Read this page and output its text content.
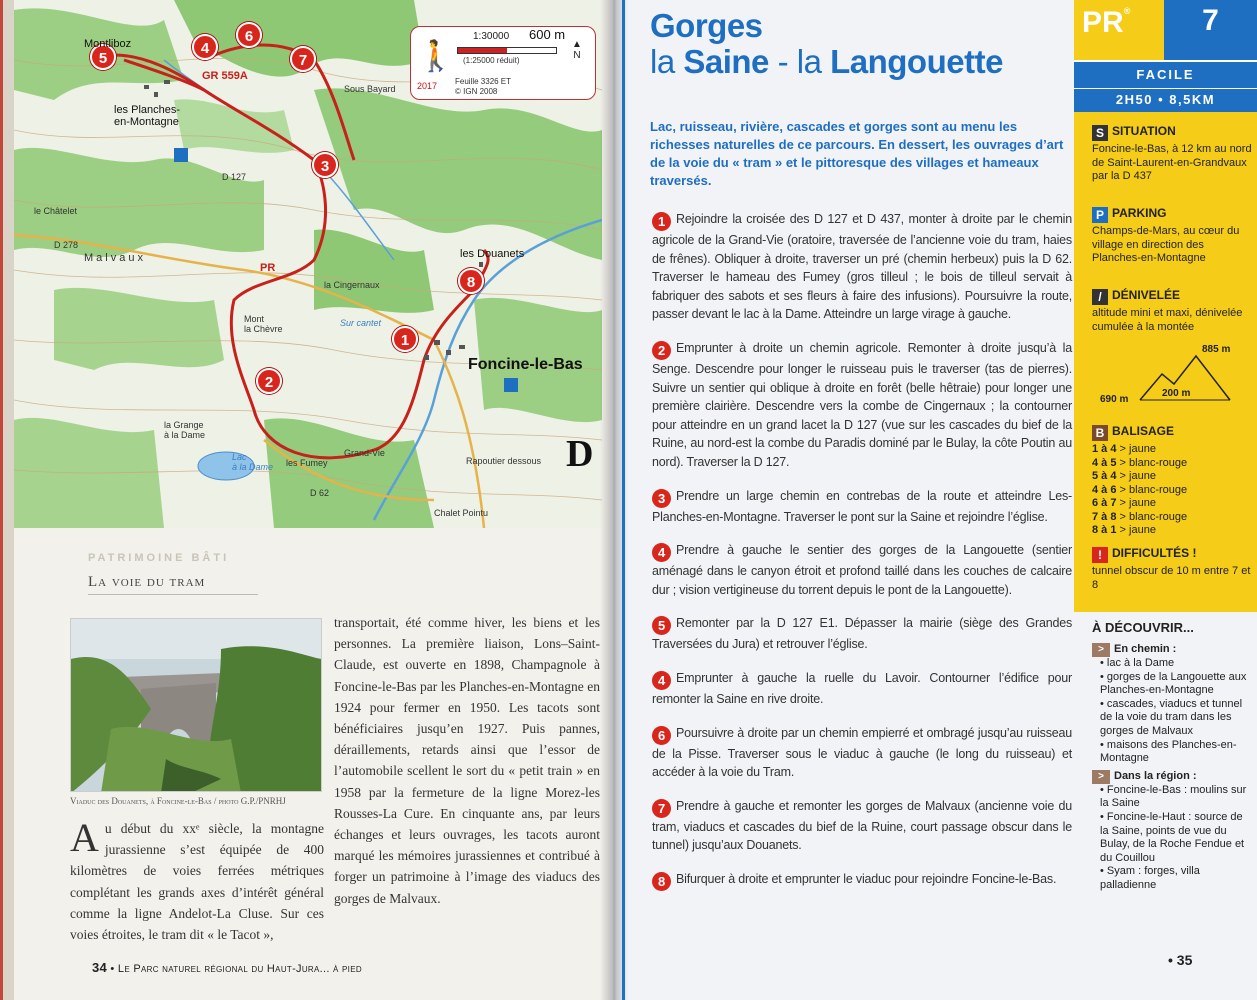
🚶
2017
1:30000 600 m
(1:25000 réduit)
▲
N
Feuille 3326 ET
© IGN 2008
5
4
6
7
3
8
1
2
Montliboz
les Planches-
en-Montagne
Foncine-le-Bas
les Douanets
le Châtelet
la Cingernaux
Mont
la Chèvre
Sur cantet
la Grange
à la Dame
Lac
à la Dame les Fumey	Rapoutier dessous
Chalet Pointu
Grand-Vie
Sous Bayard
Malvaux
PR
GR 559A
D
D 278
D 127
D 62
PATRIMOINE BÂTI
La voie du tram
Viaduc des Douanets, à Foncine-le-Bas / photo G.P./PNRHJ
transportait, été comme hiver, les biens et les personnes. La première liaison, Lons–Saint-Claude, est ouverte en 1898, Champagnole à Foncine-le-Bas par les Planches-en-Montagne en 1924 pour fermer en 1950. Les tacots sont bénéficiaires jusqu’en 1927. Puis pannes, déraillements, retards ainsi que l’essor de l’automobile scellent le sort du « petit train » en 1958 par la fermeture de la ligne Morez-les Rousses-La Cure. En cinquante ans, par leurs échanges et leurs ouvrages, les tacots auront marqué les mémoires jurassiennes et contribué à forger un patrimoine à l’image des viaducs des gorges de Malvaux.
Au début du xxᵉ siècle, la montagne jurassienne s’est équipée de 400 kilomètres de voies ferrées métriques complétant les grands axes d’intérêt général comme la ligne Andelot-La Cluse. Sur ces voies étroites, le tram dit « le Tacot »,
34 • Le Parc naturel régional du Haut-Jura... à pied
Gorges
la Saine - la Langouette
Lac, ruisseau, rivière, cascades et gorges sont au menu les richesses naturelles de ce parcours. En dessert, les ouvrages d’art de la voie du « tram » et le pittoresque des villages et hameaux traversés.
1 Rejoindre la croisée des D 127 et D 437, monter à droite par le chemin agricole de la Grand-Vie (oratoire, traversée de l’ancienne voie du tram, haies de frênes). Obliquer à droite, traverser un pré (chemin herbeux) puis la D 62. Traverser le hameau des Fumey (gros tilleul ; le bois de tilleul servait à fabriquer des sabots et ses fleurs à faire des infusions). Poursuivre la route, passer devant le lac à la Dame. Atteindre un large virage à gauche.
2 Emprunter à droite un chemin agricole. Remonter à droite jusqu’à la Senge. Descendre pour longer le ruisseau puis le traverser (tas de pierres). Suivre un sentier qui oblique à droite en forêt (belle hêtraie) pour longer une première clairière. Descendre vers la combe de Cingernaux ; la contourner pour atteindre en un grand lacet la D 127 (vue sur les cascades du bief de la Ruine, au nord-est la combe du Paradis dominé par le Bulay, la côte Poutin au nord). Traverser la D 127.
3 Prendre un large chemin en contrebas de la route et atteindre Les-Planches-en-Montagne. Traverser le pont sur la Saine et rejoindre l’église.
4 Prendre à gauche le sentier des gorges de la Langouette (sentier aménagé dans le canyon étroit et profond taillé dans les couches de calcaire dur ; vision vertigineuse du torrent depuis le pont de la Langouette).
5 Remonter par la D 127 E1. Dépasser la mairie (siège des Grandes Traversées du Jura) et retrouver l’église.
4 Emprunter à gauche la ruelle du Lavoir. Contourner l’édifice pour remonter la Saine en rive droite.
6 Poursuivre à droite par un chemin empierré et ombragé jusqu’au ruisseau de la Pisse. Traverser sous le viaduc à gauche (le long du ruisseau) et accéder à la voie du Tram.
7 Prendre à gauche et remonter les gorges de Malvaux (ancienne voie du tram, viaducs et cascades du bief de la Ruine, court passage obscur dans le tunnel) jusqu’aux Douanets.
8 Bifurquer à droite et emprunter le viaduc pour rejoindre Foncine-le-Bas.
PR®	7
FACILE
2H50 • 8,5KM
S SITUATION
Foncine-le-Bas, à 12 km au nord de Saint-Laurent-en-Grandvaux par la D 437
P PARKING
Champs-de-Mars, au cœur du village en direction des Planches-en-Montagne
/ DÉNIVELÉE
altitude mini et maxi, dénivelée cumulée à la montée
885 m
690 m
200 m
B BALISAGE
1 à 4 > jaune
4 à 5 > blanc-rouge
5 à 4 > jaune
4 à 6 > blanc-rouge
6 à 7 > jaune
7 à 8 > blanc-rouge
8 à 1 > jaune
! DIFFICULTÉS !
tunnel obscur de 10 m entre 7 et 8
À DÉCOUVRIR...
> En chemin :
• lac à la Dame
• gorges de la Langouette aux Planches-en-Montagne
• cascades, viaducs et tunnel de la voie du tram dans les gorges de Malvaux
• maisons des Planches-en-Montagne
> Dans la région :
• Foncine-le-Bas : moulins sur la Saine
• Foncine-le-Haut : source de la Saine, points de vue du Bulay, de la Roche Fendue et du Couillou
• Syam : forges, villa palladienne
• 35
